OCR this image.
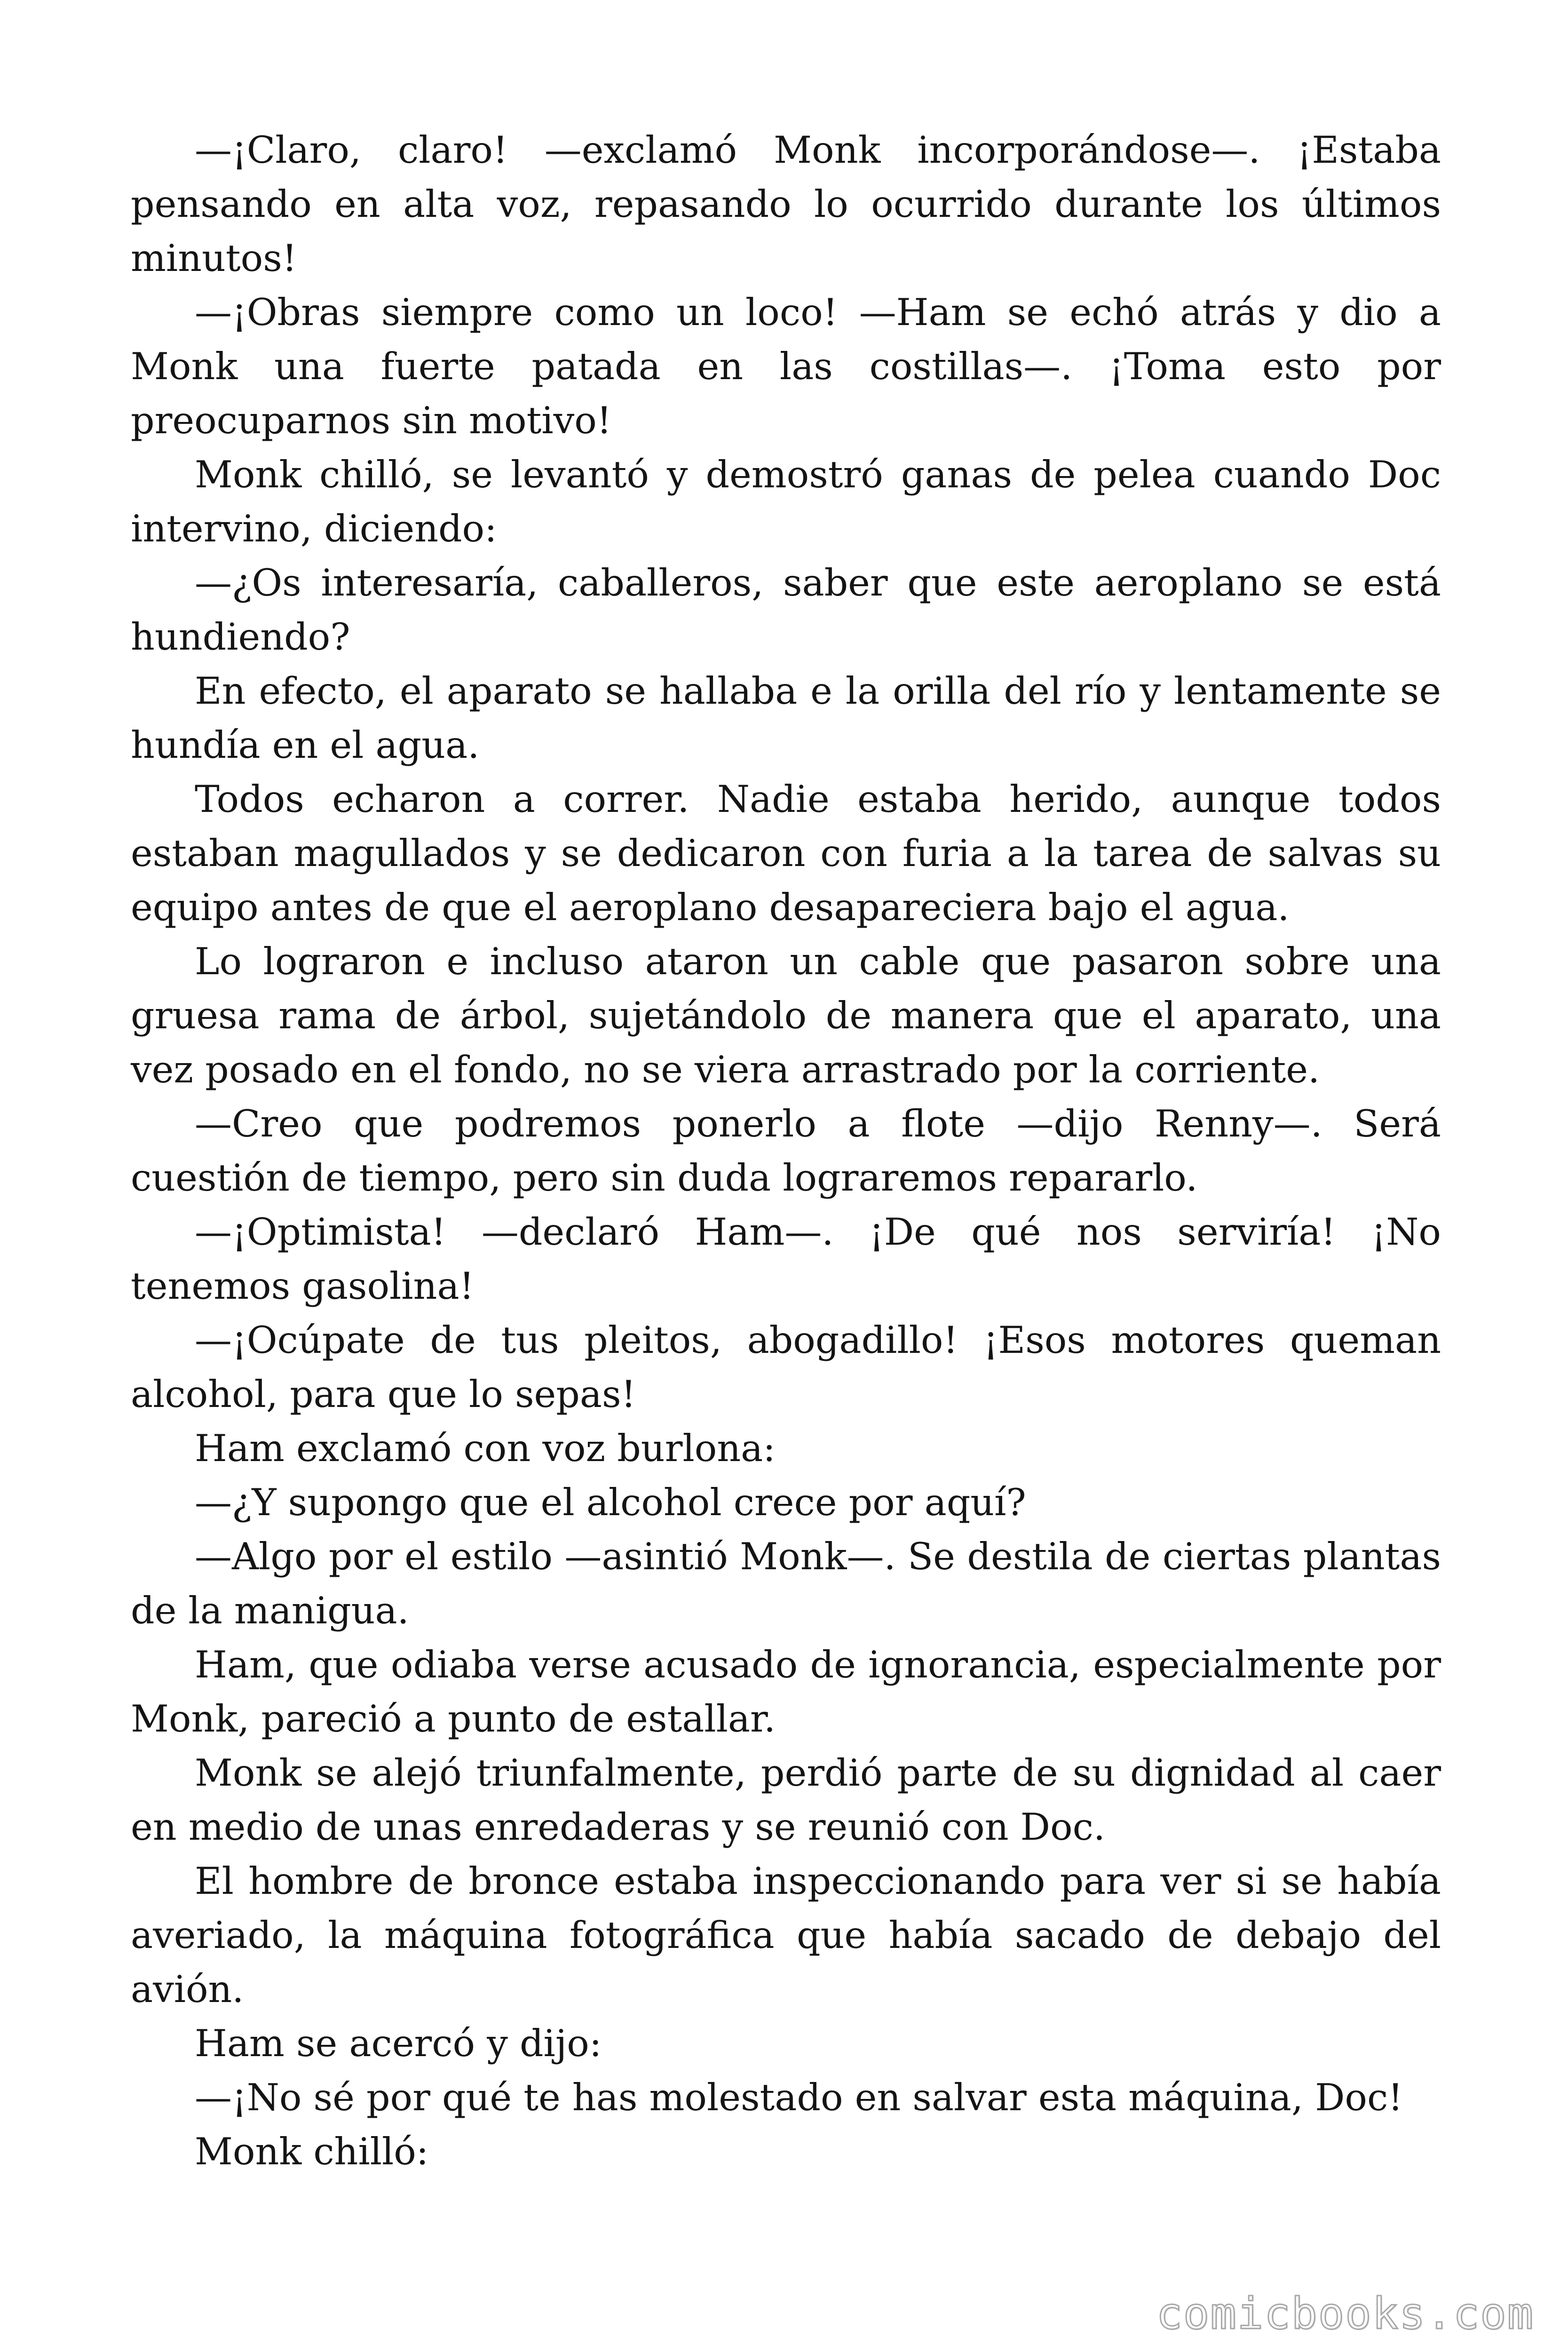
—¡Claro, claro! —exclamó Monk incorporándose—. ¡Estaba pensando en alta voz, repasando lo ocurrido durante los últimos minutos!

—¡Obras siempre como un loco! —Ham se echó atrás y dio a Monk una fuerte patada en las costillas—. ¡Toma esto por preocuparnos sin motivo!

Monk chilló, se levantó y demostró ganas de pelea cuando Doc intervino, diciendo:

—¿Os interesaría, caballeros, saber que este aeroplano se está hundiendo?

En efecto, el aparato se hallaba e la orilla del río y lentamente se hundía en el agua.

Todos echaron a correr. Nadie estaba herido, aunque todos estaban magullados y se dedicaron con furia a la tarea de salvas su equipo antes de que el aeroplano desapareciera bajo el agua.

Lo lograron e incluso ataron un cable que pasaron sobre una gruesa rama de árbol, sujetándolo de manera que el aparato, una vez posado en el fondo, no se viera arrastrado por la corriente.

—Creo que podremos ponerlo a flote —dijo Renny—. Será cuestión de tiempo, pero sin duda lograremos repararlo.

—¡Optimista! —declaró Ham—. ¡De qué nos serviría! ¡No tenemos gasolina!

—¡Ocúpate de tus pleitos, abogadillo! ¡Esos motores queman alcohol, para que lo sepas!

Ham exclamó con voz burlona:

—¿Y supongo que el alcohol crece por aquí?

—Algo por el estilo —asintió Monk—. Se destila de ciertas plantas de la manigua.

Ham, que odiaba verse acusado de ignorancia, especialmente por Monk, pareció a punto de estallar.

Monk se alejó triunfalmente, perdió parte de su dignidad al caer en medio de unas enredaderas y se reunió con Doc.

El hombre de bronce estaba inspeccionando para ver si se había averiado, la máquina fotográfica que había sacado de debajo del avión.

Ham se acercó y dijo:

—¡No sé por qué te has molestado en salvar esta máquina, Doc!

Monk chilló:

comicbooks.com
